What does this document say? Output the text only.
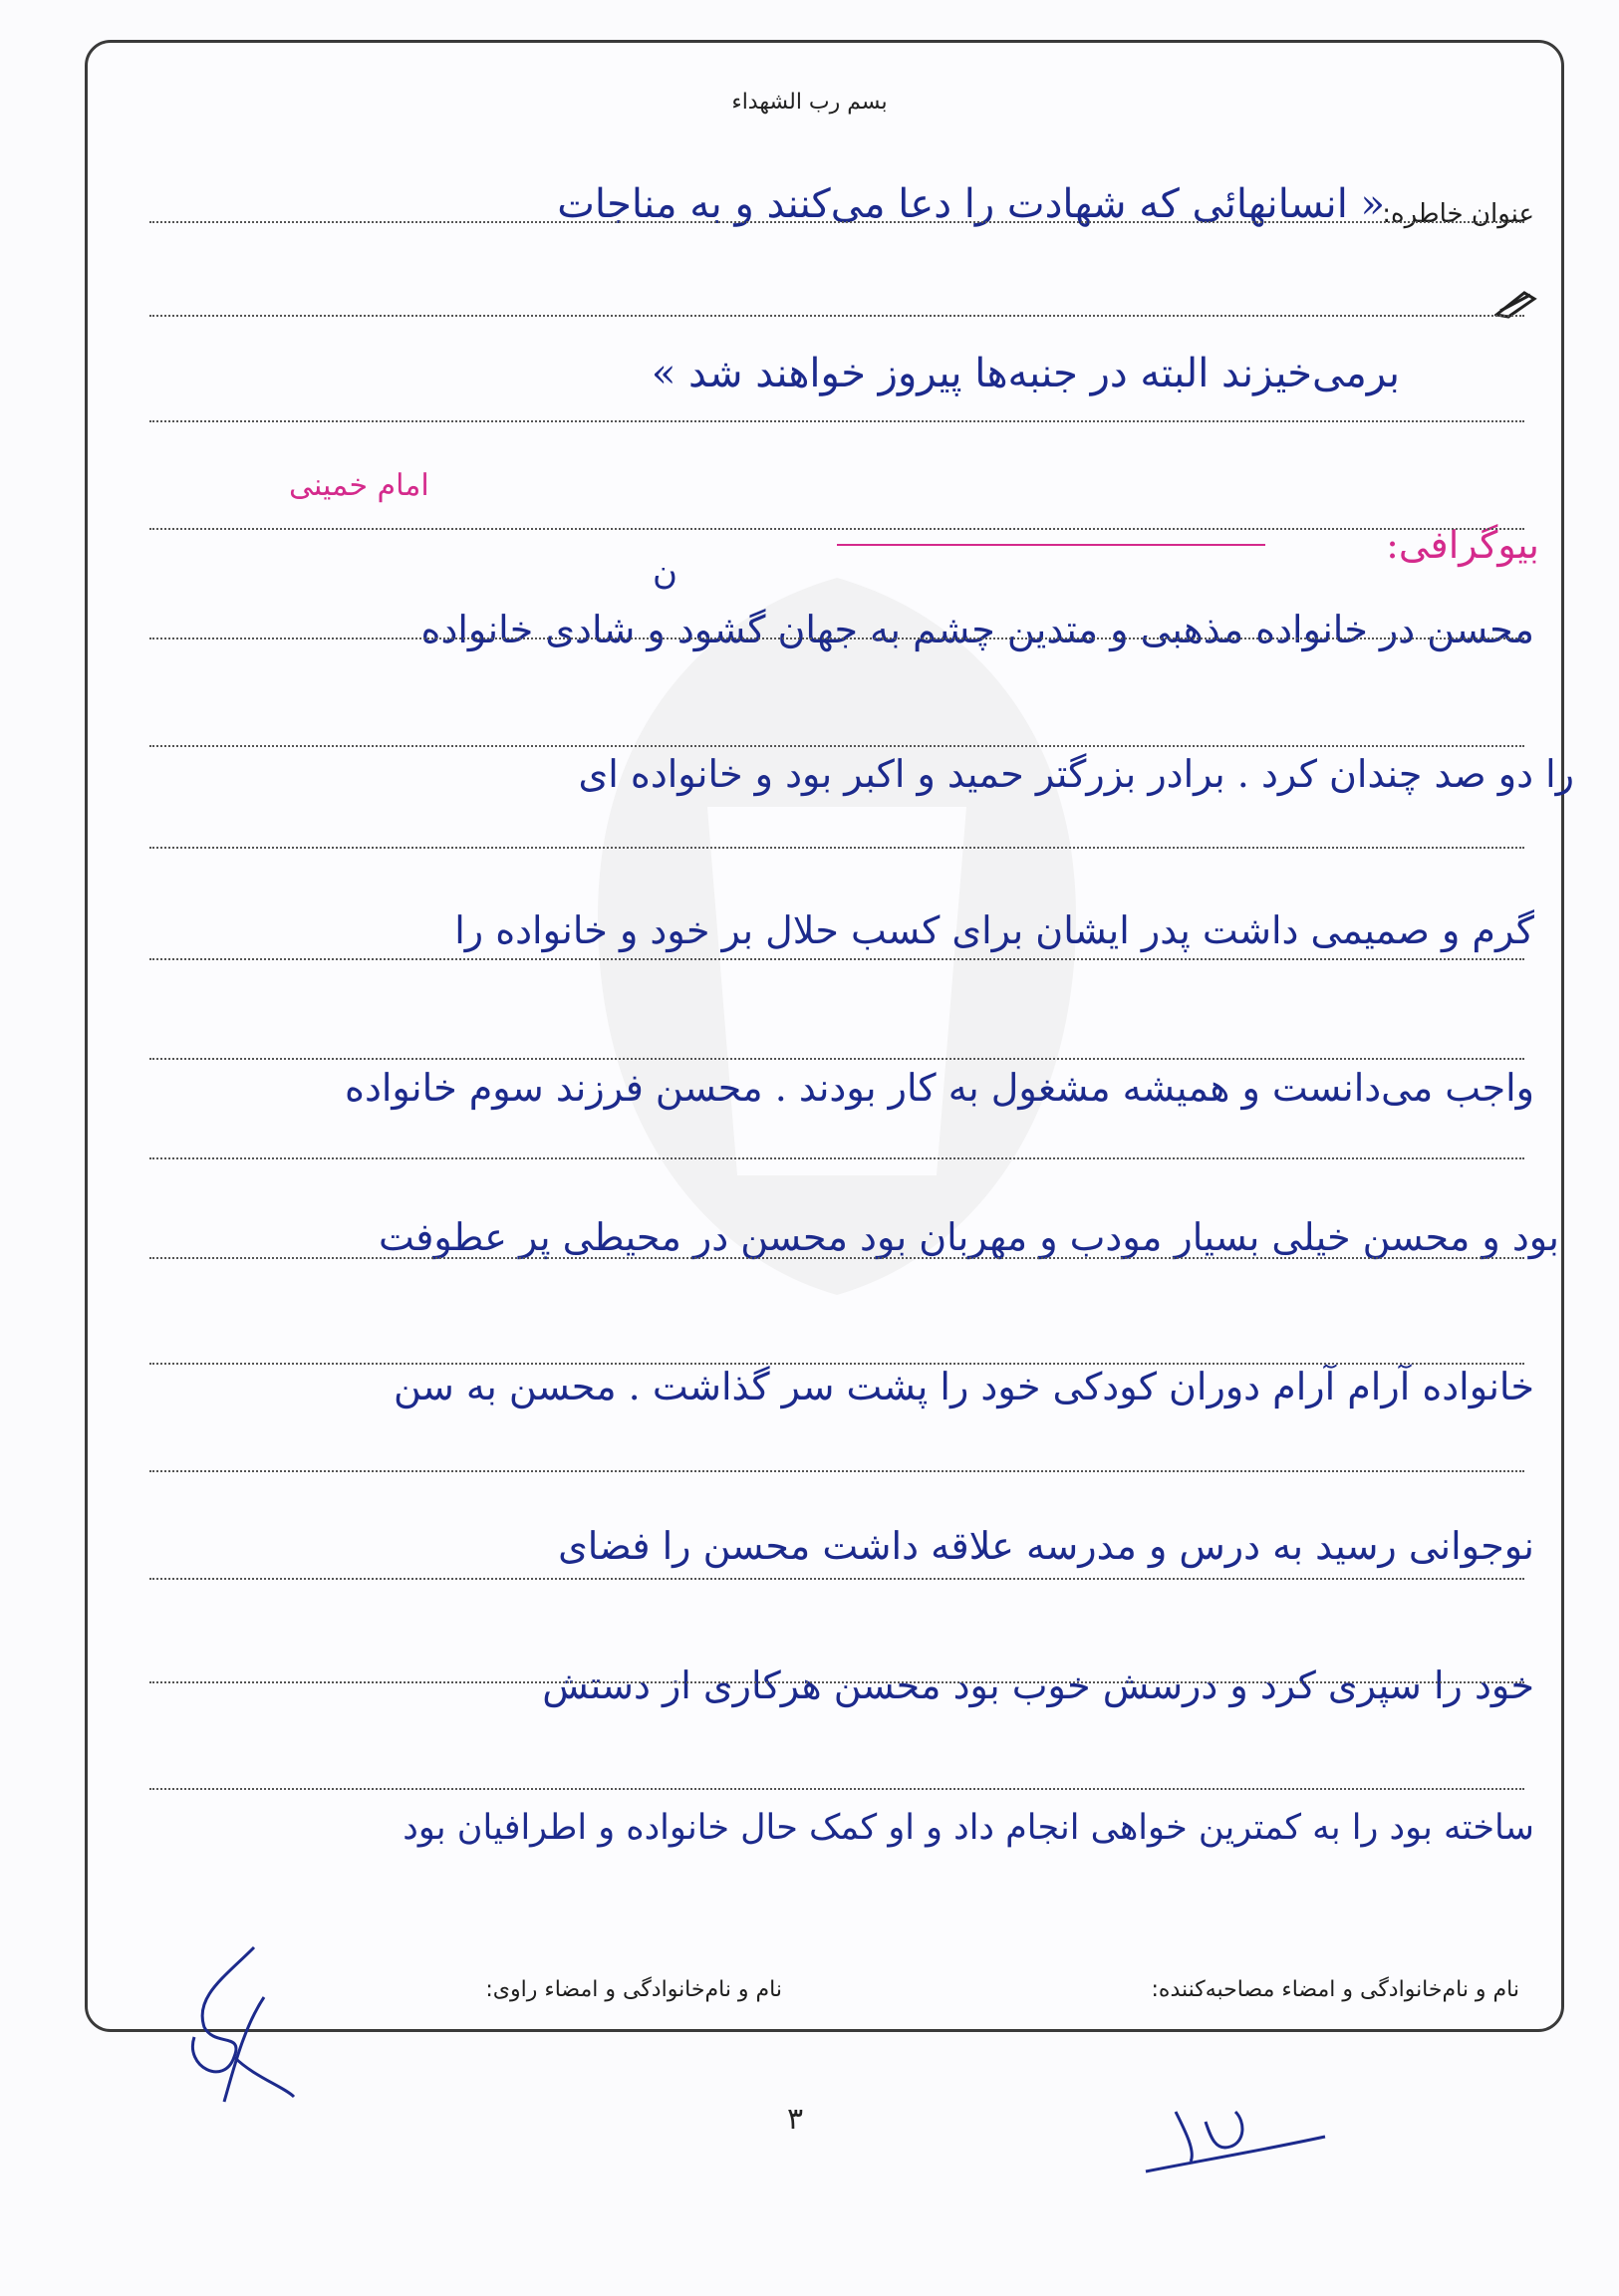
بسم رب الشهداء
عنوان خاطره:
« انسانهائی که شهادت را دعا می‌کنند و به مناجات
برمی‌خیزند البته در جنبه‌ها پیروز خواهند شد »
امام خمینی
بیوگرافی:
ن
محسن در خانواده مذهبی و متدین چشم به جهان گشود و شادی خانواده
را دو صد چندان کرد . برادر بزرگتر حمید و اکبر بود و خانواده ای
گرم و صمیمی داشت پدر ایشان برای کسب حلال بر خود و خانواده را
واجب می‌دانست و همیشه مشغول به کار بودند . محسن فرزند سوم خانواده
بود و محسن خیلی بسیار مودب و مهربان بود محسن در محیطی پر عطوفت
خانواده آرام آرام دوران کودکی خود را پشت سر گذاشت . محسن به سن
نوجوانی رسید به درس و مدرسه علاقه داشت محسن را فضای
خود را سپری کرد و درسش خوب بود محسن هرکاری از دستش
ساخته بود را به کمترین خواهی انجام داد و او کمک حال خانواده و اطرافیان بود
نام و نام‌خانوادگی و امضاء مصاحبه‌کننده:
نام و نام‌خانوادگی و امضاء راوی:
۳
